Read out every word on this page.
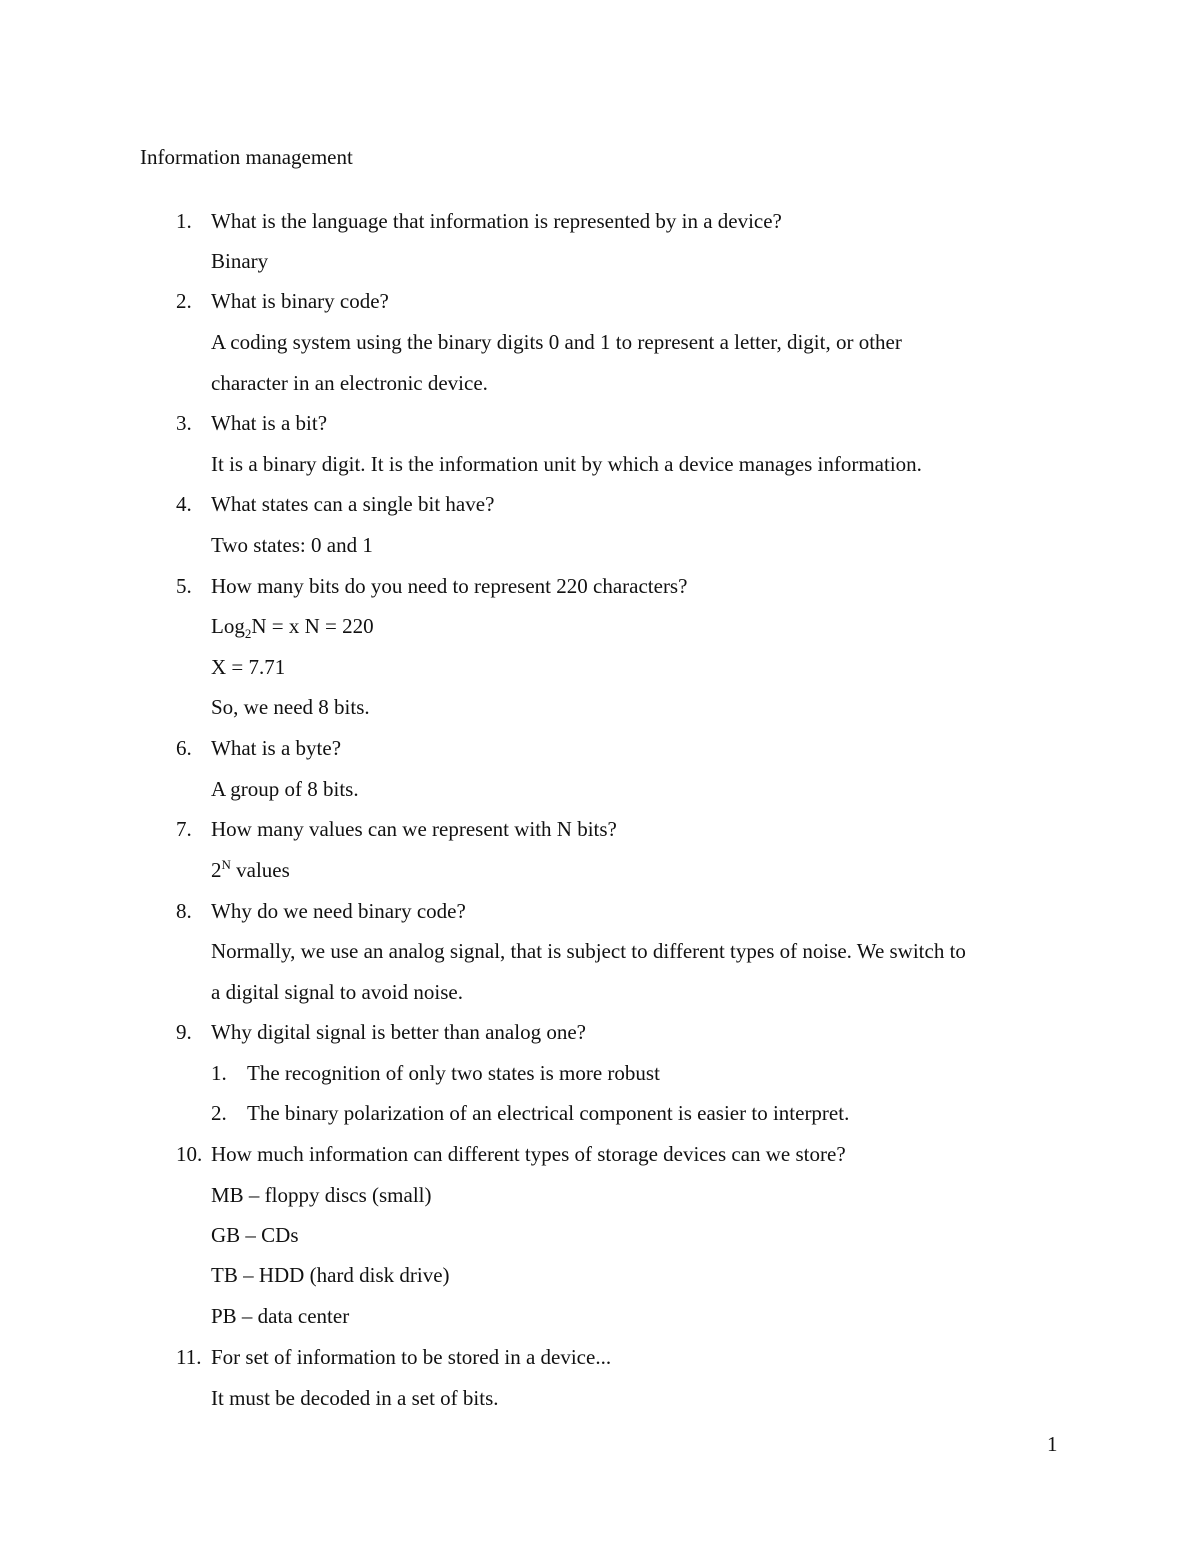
Information management
1. What is the language that information is represented by in a device?
Binary
2. What is binary code?
A coding system using the binary digits 0 and 1 to represent a letter, digit, or other
character in an electronic device.
3. What is a bit?
It is a binary digit. It is the information unit by which a device manages information.
4. What states can a single bit have?
Two states: 0 and 1
5. How many bits do you need to represent 220 characters?
Log$_2$N = x N = 220
X = 7.71
So, we need 8 bits.
6. What is a byte?
A group of 8 bits.
7. How many values can we represent with N bits?
$2^N$ values
8. Why do we need binary code?
Normally, we use an analog signal, that is subject to different types of noise. We switch to
a digital signal to avoid noise.
9. Why digital signal is better than analog one?
1. The recognition of only two states is more robust
2. The binary polarization of an electrical component is easier to interpret.
10. How much information can different types of storage devices can we store?
MB – floppy discs (small)
GB – CDs
TB – HDD (hard disk drive)
PB – data center
11. For set of information to be stored in a device...
It must be decoded in a set of bits.
1
